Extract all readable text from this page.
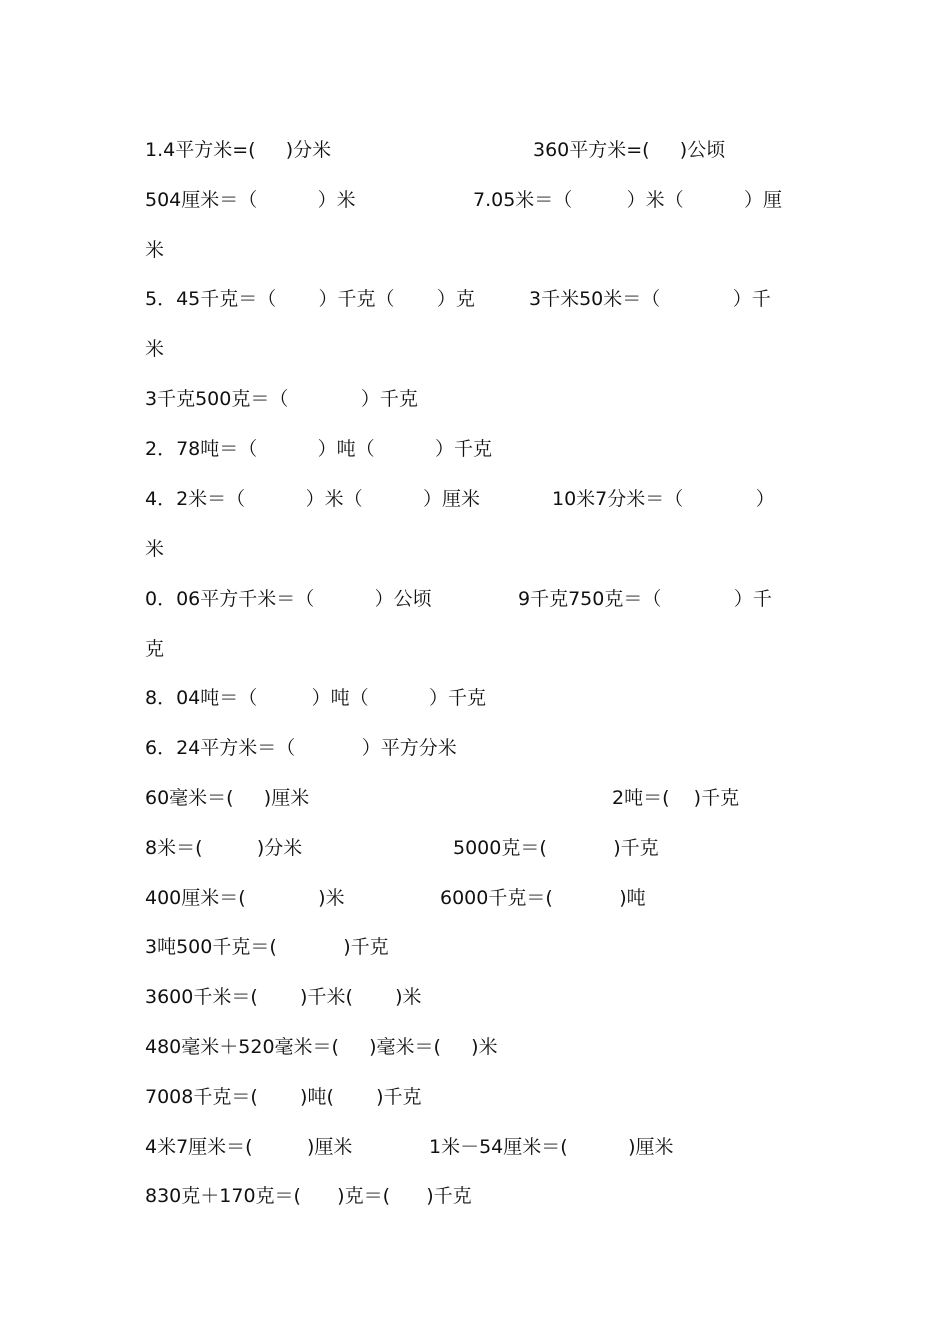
1.4平方米=(     )分米

	360平方米=(     )公顷

504厘米＝（          ）米

	7.05米＝（         ）米（          ）厘

米

5．45千克＝（       ）千克（       ）克

	3千米50米＝（            ）千

米

3千克500克＝（            ）千克

2．78吨＝（          ）吨（          ）千克

4．2米＝（          ）米（          ）厘米

	10米7分米＝（            ）

米

0．06平方千米＝（          ）公顷

	9千克750克＝（            ）千

克

8．04吨＝（         ）吨（          ）千克

6．24平方米＝（           ）平方分米

60毫米＝(     )厘米

	2吨＝(    )千克

8米＝(         )分米

	5000克＝(           )千克

400厘米＝(            )米

	6000千克＝(           )吨

3吨500千克＝(           )千克

3600千米＝(       )千米(       )米

480毫米＋520毫米＝(     )毫米＝(     )米

7008千克＝(       )吨(       )千克

4米7厘米＝(         )厘米

	1米－54厘米＝(          )厘米

830克＋170克＝(      )克＝(      )千克
